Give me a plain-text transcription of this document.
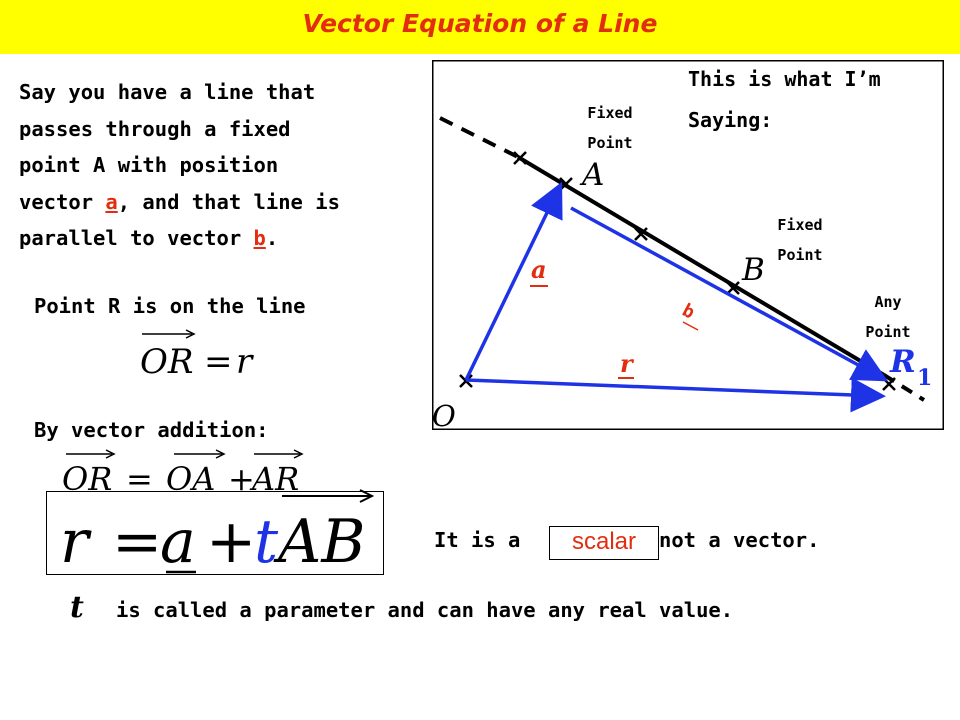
Vector Equation of a Line
Say you have a line that
passes through a fixed
point A with position
vector a, and that line is
parallel to vector b.
Point R is on the line
OR = r
By vector addition:
OR = OA +
AR
r =
a +
t AB	It is a	scalar	not a vector.
t is called a parameter and can have any real value.
This is what I’m
Saying:
Fixed
Point
Fixed
Point
Any
Point
A
B
R 1
O
a
b
r
